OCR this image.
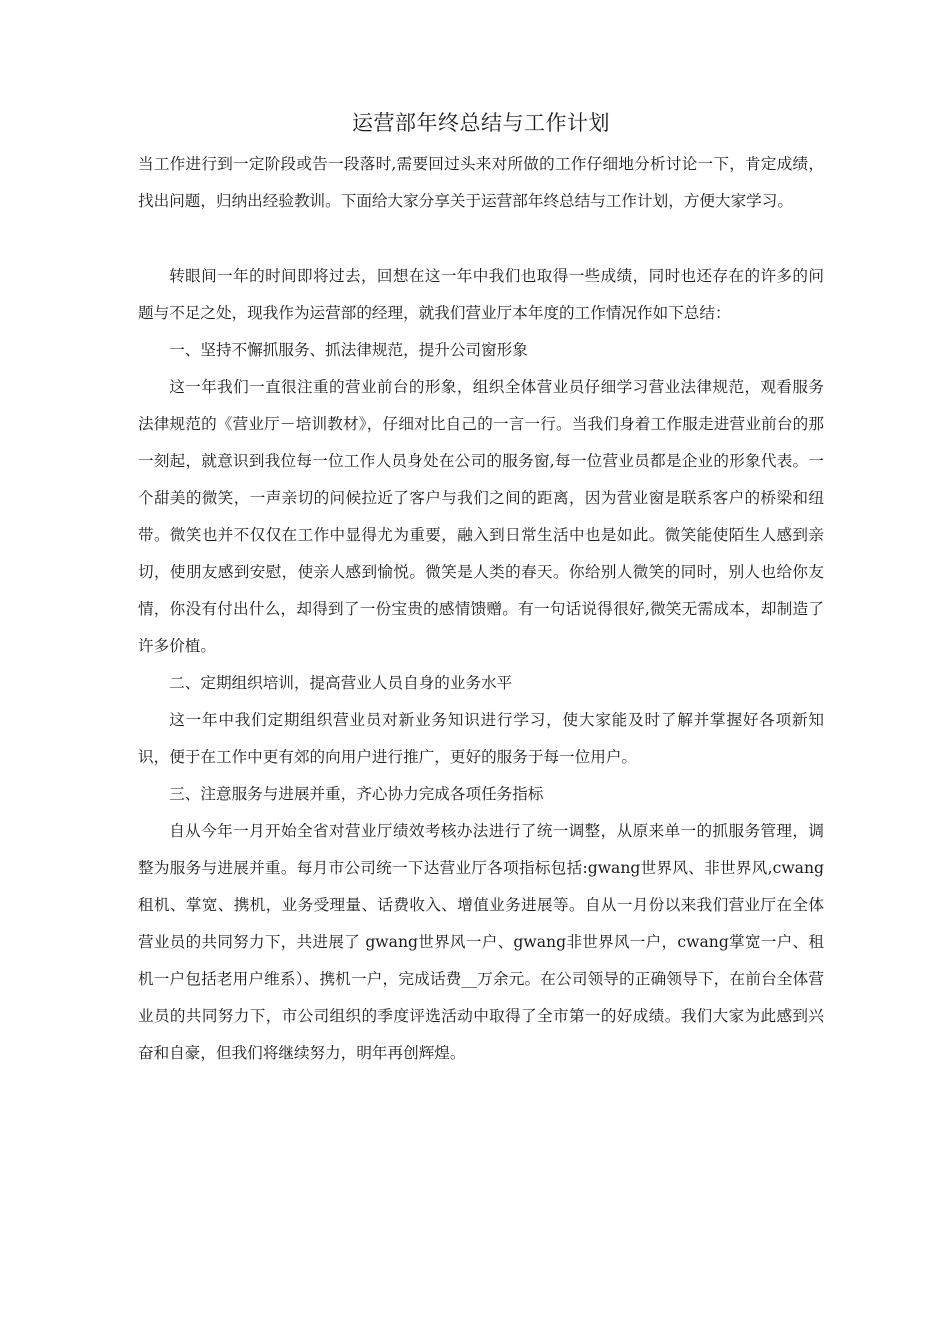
运营部年终总结与工作计划

当工作进行到一定阶段或告一段落时,需要回过头来对所做的工作仔细地分析讨论一下，肯定成绩，找出问题，归纳出经验教训。下面给大家分享关于运营部年终总结与工作计划，方便大家学习。

转眼间一年的时间即将过去，回想在这一年中我们也取得一些成绩，同时也还存在的许多的问题与不足之处，现我作为运营部的经理，就我们营业厅本年度的工作情况作如下总结：

一、坚持不懈抓服务、抓法律规范，提升公司窗形象

这一年我们一直很注重的营业前台的形象，组织全体营业员仔细学习营业法律规范，观看服务法律规范的《营业厅－培训教材》，仔细对比自己的一言一行。当我们身着工作服走进营业前台的那一刻起，就意识到我位每一位工作人员身处在公司的服务窗,每一位营业员都是企业的形象代表。一个甜美的微笑，一声亲切的问候拉近了客户与我们之间的距离，因为营业窗是联系客户的桥梁和纽带。微笑也并不仅仅在工作中显得尤为重要，融入到日常生活中也是如此。微笑能使陌生人感到亲切，使朋友感到安慰，使亲人感到愉悦。微笑是人类的春天。你给别人微笑的同时，别人也给你友情，你没有付出什么，却得到了一份宝贵的感情馈赠。有一句话说得很好,微笑无需成本，却制造了许多价植。

二、定期组织培训，提高营业人员自身的业务水平

这一年中我们定期组织营业员对新业务知识进行学习，使大家能及时了解并掌握好各项新知识，便于在工作中更有郊的向用户进行推广，更好的服务于每一位用户。

三、注意服务与进展并重，齐心协力完成各项任务指标

自从今年一月开始全省对营业厅绩效考核办法进行了统一调整，从原来单一的抓服务管理，调整为服务与进展并重。每月市公司统一下达营业厅各项指标包括:gwang世界风、非世界风,cwang租机、掌宽、携机，业务受理量、话费收入、增值业务进展等。自从一月份以来我们营业厅在全体营业员的共同努力下，共进展了 gwang世界风一户、gwang非世界风一户，cwang掌宽一户、租机一户包括老用户维系）、携机一户，完成话费__万余元。在公司领导的正确领导下，在前台全体营业员的共同努力下，市公司组织的季度评选活动中取得了全市第一的好成绩。我们大家为此感到兴奋和自豪，但我们将继续努力，明年再创辉煌。
